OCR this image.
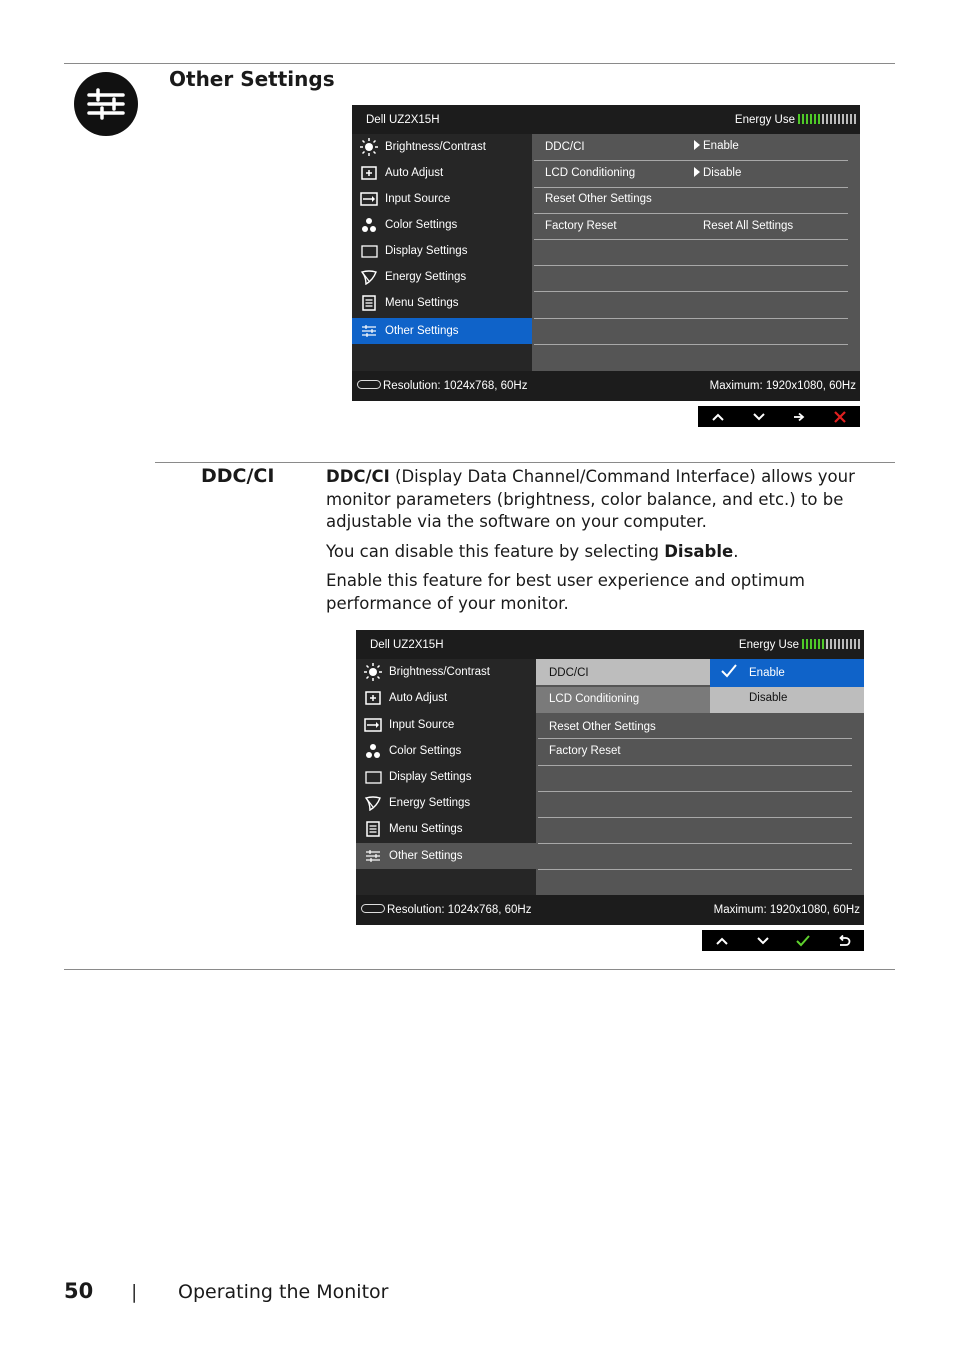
Other Settings
Dell UZ2X15H	Energy Use
Brightness/Contrast
Auto Adjust
Input Source
Color Settings
Display Settings
Energy Settings
Menu Settings
Other Settings
DDC/CI	Enable
LCD Conditioning	Disable
Reset Other Settings
Factory Reset	Reset All Settings
Resolution: 1024x768, 60Hz	Maximum: 1920x1080, 60Hz
DDC/CI	DDC/CI (Display Data Channel/Command Interface) allows your monitor parameters (brightness, color balance, and etc.) to be adjustable via the software on your computer.
You can disable this feature by selecting Disable.
Enable this feature for best user experience and optimum performance of your monitor.
Dell UZ2X15H	Energy Use
Brightness/Contrast
Auto Adjust
Input Source
Color Settings
Display Settings
Energy Settings
Menu Settings
Other Settings
DDC/CI
LCD Conditioning
Enable
Disable
Reset Other Settings
Factory Reset
Resolution: 1024x768, 60Hz	Maximum: 1920x1080, 60Hz
50 | Operating the Monitor
